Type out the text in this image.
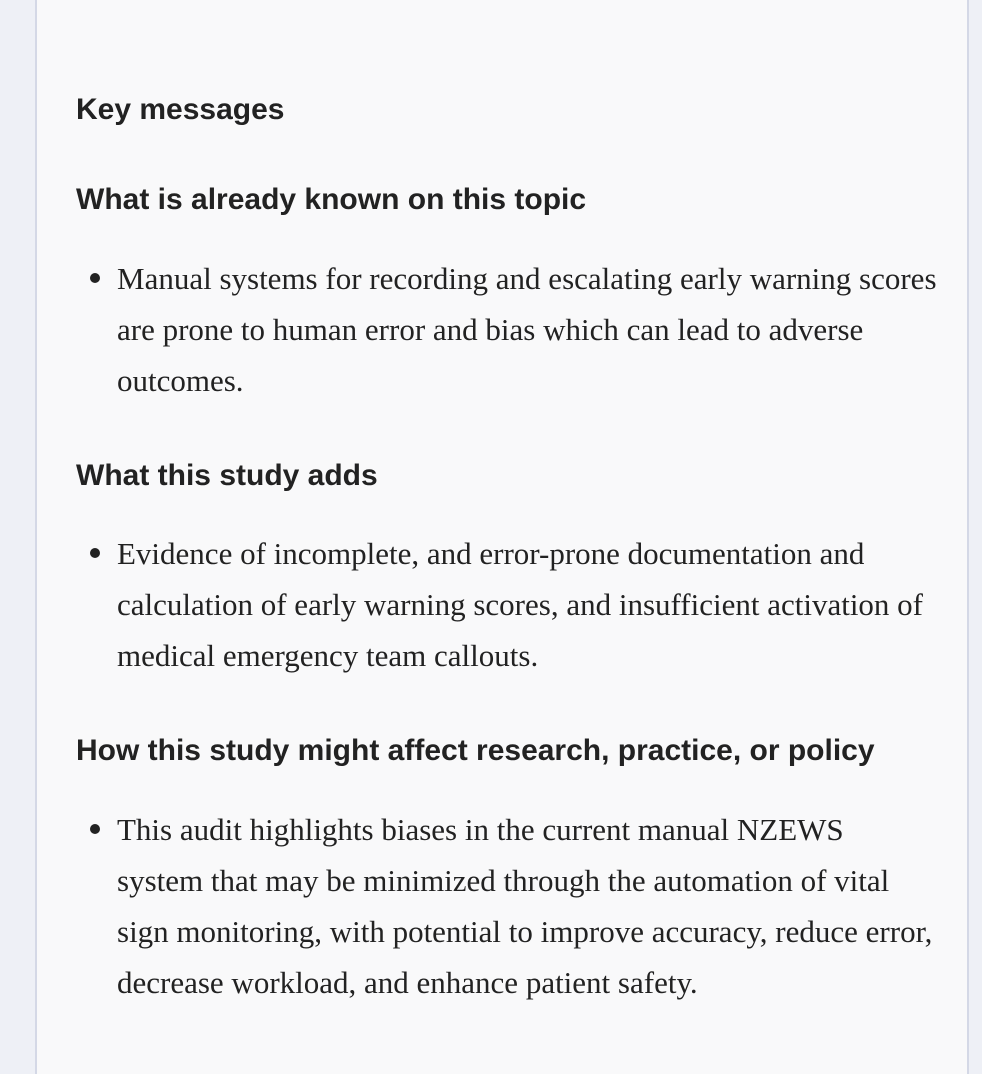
Key messages
What is already known on this topic
Manual systems for recording and escalating early warning scores are prone to human error and bias which can lead to adverse outcomes.
What this study adds
Evidence of incomplete, and error-prone documentation and calculation of early warning scores, and insufficient activation of medical emergency team callouts.
How this study might affect research, practice, or policy
This audit highlights biases in the current manual NZEWS system that may be minimized through the automation of vital sign monitoring, with potential to improve accuracy, reduce error, decrease workload, and enhance patient safety.
